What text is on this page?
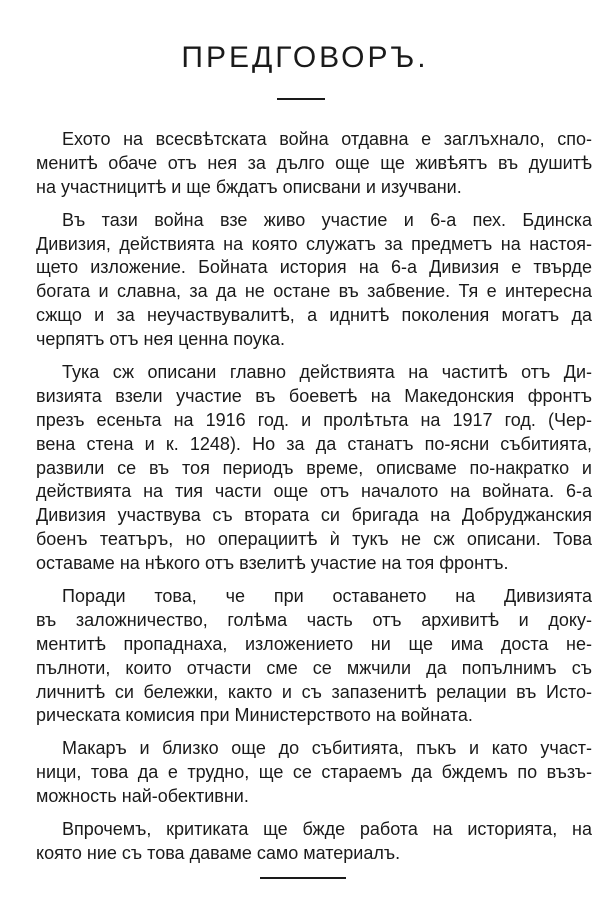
ПРЕДГОВОРЪ.

Ехото на всесвѣтската война отдавна е заглъхнало, спо-
менитѣ обаче отъ нея за дълго още ще живѣятъ въ душитѣ
на участницитѣ и ще бждатъ описвани и изучвани.

Въ тази война взе живо участие и 6-а пех. Бдинска
Дивизия, действията на която служатъ за предметъ на настоя-
щето изложение. Бойната история на 6-а Дивизия е твърде
богата и славна, за да не остане въ забвение. Тя е интересна
сжщо и за неучаствувалитѣ, а иднитѣ поколения могатъ да
черпятъ отъ нея ценна поука.

Тука сж описани главно действията на частитѣ отъ Ди-
визията взели участие въ боеветѣ на Македонския фронтъ
презъ есеньта на 1916 год. и пролѣтьта на 1917 год. (Чер-
вена стена и к. 1248). Но за да станатъ по-ясни събитията,
развили се въ тоя периодъ време, описваме по-накратко и
действията на тия части още отъ началото на войната. 6-а
Дивизия участвува съ втората си бригада на Добруджанския
боенъ театъръ, но операциитѣ ѝ тукъ не сж описани. Това
оставаме на нѣкого отъ взелитѣ участие на тоя фронтъ.

Поради това, че при оставането на Дивизията
въ заложничество, голѣма часть отъ архивитѣ и доку-
ментитѣ пропаднаха, изложението ни ще има доста не-
пълноти, които отчасти сме се мжчили да попълнимъ съ
личнитѣ си бележки, както и съ запазенитѣ релации въ Исто-
рическата комисия при Министерството на войната.

Макаръ и близко още до събитията, пъкъ и като участ-
ници, това да е трудно, ще се стараемъ да бждемъ по възъ-
можность най-обективни.

Впрочемъ, критиката ще бжде работа на историята, на
която ние съ това даваме само материалъ.
